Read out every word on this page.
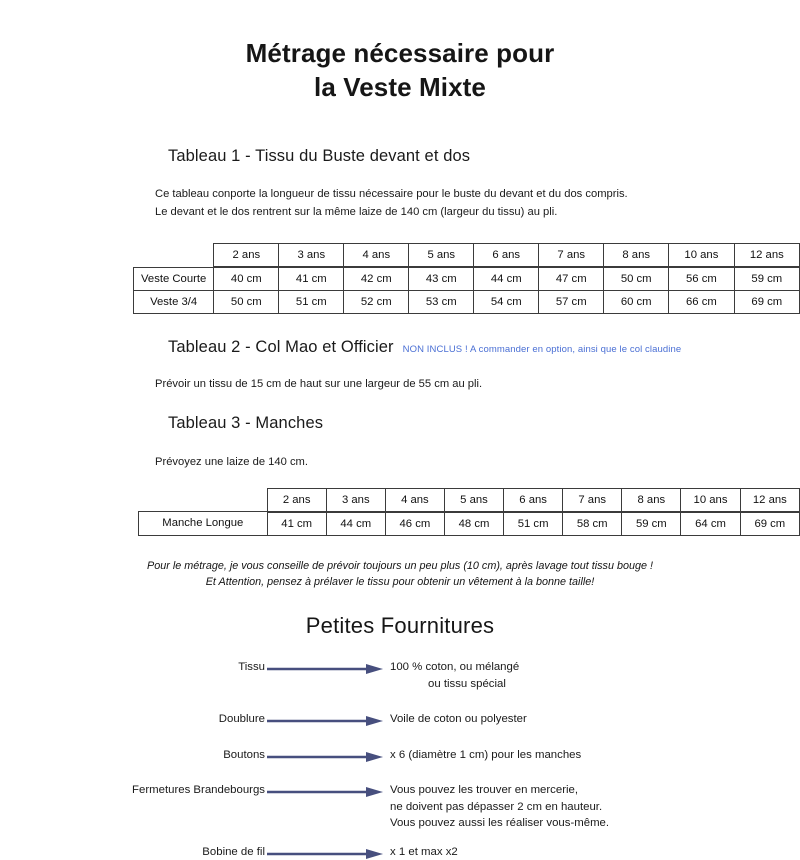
Métrage nécessaire pour
la Veste Mixte
Tableau 1 - Tissu du Buste devant et dos
Ce tableau conporte la longueur de tissu nécessaire pour le buste du devant et du dos compris.
Le devant et le dos rentrent sur la même laize de 140 cm (largeur du tissu) au pli.
	2 ans	3 ans	4 ans	5 ans	6 ans	7 ans	8 ans	10 ans	12 ans
Veste Courte	40 cm	41 cm	42 cm	43 cm	44 cm	47 cm	50 cm	56 cm	59 cm
Veste 3/4	50 cm	51 cm	52 cm	53 cm	54 cm	57 cm	60 cm	66 cm	69 cm
Tableau 2 - Col Mao et Officier NON INCLUS ! A commander en option, ainsi que le col claudine
Prévoir un tissu de 15 cm de haut sur une largeur de 55 cm au pli.
Tableau 3 - Manches
Prévoyez une laize de 140 cm.
	2 ans	3 ans	4 ans	5 ans	6 ans	7 ans	8 ans	10 ans	12 ans
Manche Longue	41 cm	44 cm	46 cm	48 cm	51 cm	58 cm	59 cm	64 cm	69 cm
Pour le métrage, je vous conseille de prévoir toujours un peu plus (10 cm), après lavage tout tissu bouge !
Et Attention, pensez à prélaver le tissu pour obtenir un vêtement à la bonne taille!
Petites Fournitures
Tissu	100 % coton, ou mélangé
ou tissu spécial
Doublure	Voile de coton ou polyester
Boutons	x 6 (diamètre 1 cm) pour les manches
Fermetures Brandebourgs	Vous pouvez les trouver en mercerie,
ne doivent pas dépasser 2 cm en hauteur.
Vous pouvez aussi les réaliser vous-même.
Bobine de fil	x 1 et max x2
